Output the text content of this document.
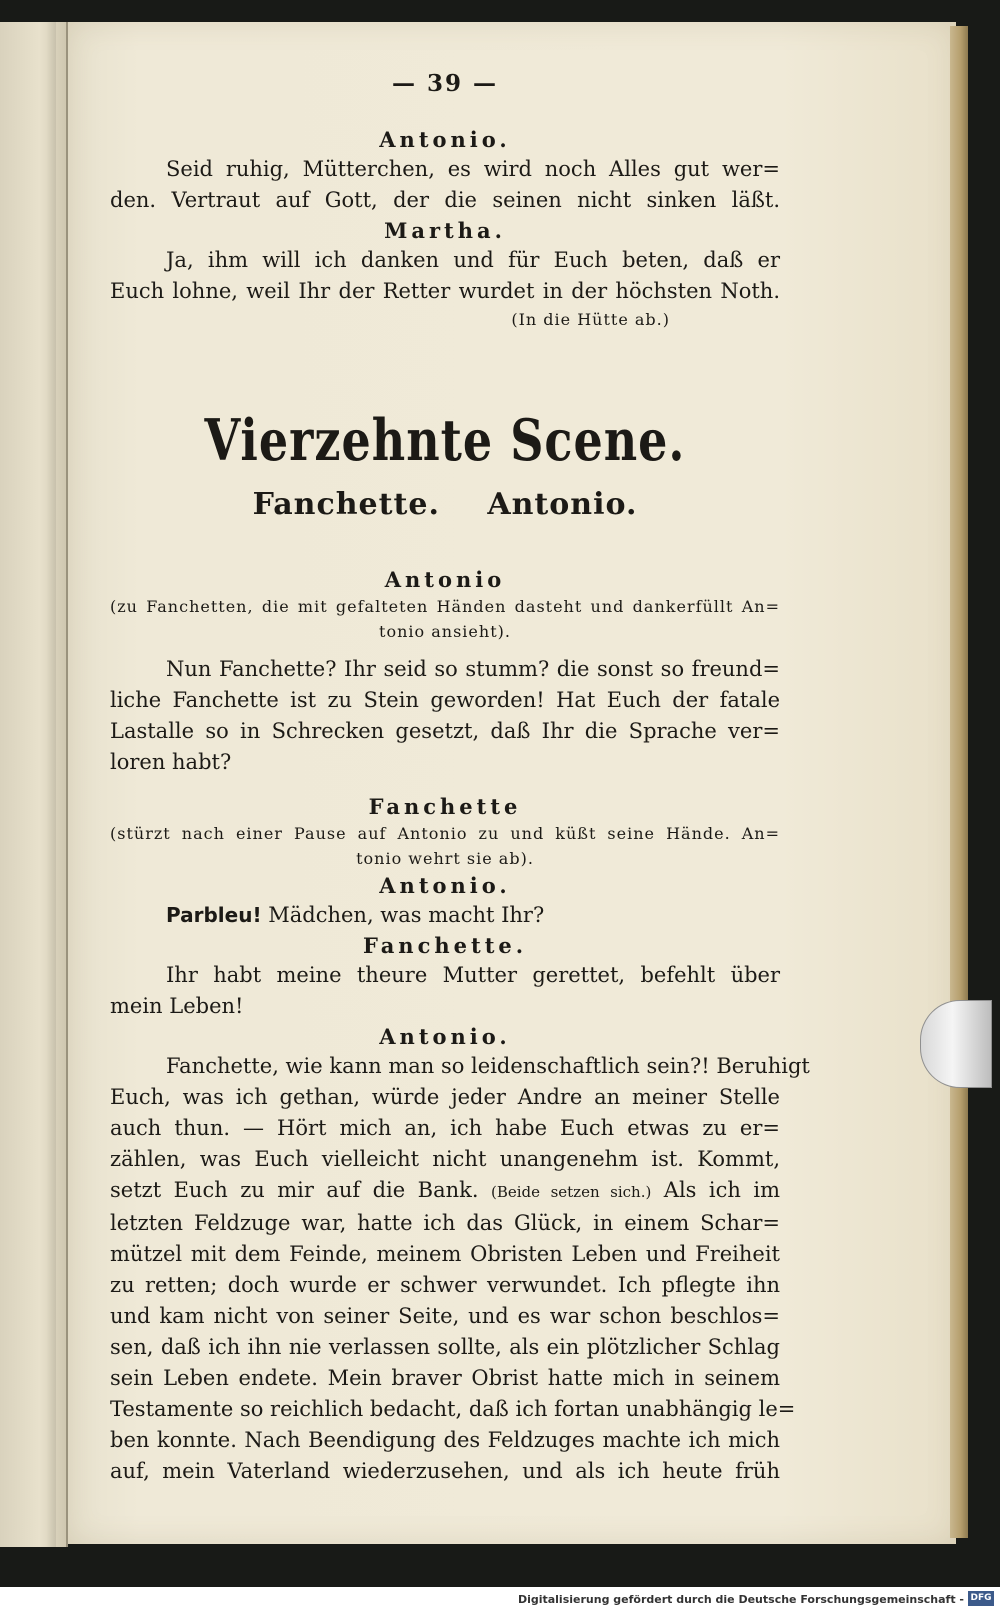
— 39 —
Antonio.
Seid ruhig, Mütterchen, es wird noch Alles gut wer=
den. Vertraut auf Gott, der die seinen nicht sinken läßt.
Martha.
Ja, ihm will ich danken und für Euch beten, daß er
Euch lohne, weil Ihr der Retter wurdet in der höchsten Noth.
(In die Hütte ab.)
Vierzehnte Scene.
Fanchette. Antonio.
Antonio
(zu Fanchetten, die mit gefalteten Händen dasteht und dankerfüllt An=
tonio ansieht).
Nun Fanchette? Ihr seid so stumm? die sonst so freund=
liche Fanchette ist zu Stein geworden! Hat Euch der fatale
Lastalle so in Schrecken gesetzt, daß Ihr die Sprache ver=
loren habt?
Fanchette
(stürzt nach einer Pause auf Antonio zu und küßt seine Hände. An=
tonio wehrt sie ab).
Antonio.
Parbleu! Mädchen, was macht Ihr?
Fanchette.
Ihr habt meine theure Mutter gerettet, befehlt über
mein Leben!
Antonio.
Fanchette, wie kann man so leidenschaftlich sein?! Beruhigt
Euch, was ich gethan, würde jeder Andre an meiner Stelle
auch thun. — Hört mich an, ich habe Euch etwas zu er=
zählen, was Euch vielleicht nicht unangenehm ist. Kommt,
setzt Euch zu mir auf die Bank. (Beide setzen sich.) Als ich im
letzten Feldzuge war, hatte ich das Glück, in einem Schar=
mützel mit dem Feinde, meinem Obristen Leben und Freiheit
zu retten; doch wurde er schwer verwundet. Ich pflegte ihn
und kam nicht von seiner Seite, und es war schon beschlos=
sen, daß ich ihn nie verlassen sollte, als ein plötzlicher Schlag
sein Leben endete. Mein braver Obrist hatte mich in seinem
Testamente so reichlich bedacht, daß ich fortan unabhängig le=
ben konnte. Nach Beendigung des Feldzuges machte ich mich
auf, mein Vaterland wiederzusehen, und als ich heute früh
Digitalisierung gefördert durch die Deutsche Forschungsgemeinschaft - DFG
